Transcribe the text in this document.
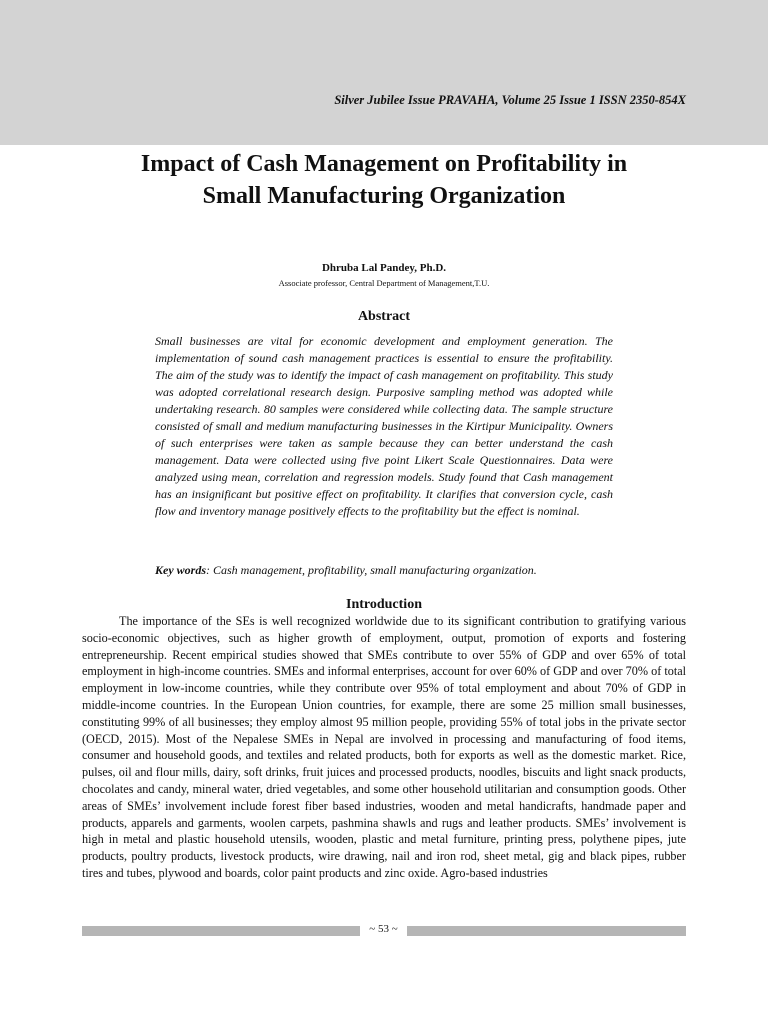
Silver Jubilee Issue PRAVAHA, Volume 25 Issue 1 ISSN 2350-854X
Impact of Cash Management on Profitability in Small Manufacturing Organization
Dhruba Lal Pandey, Ph.D.
Associate professor, Central Department of Management,T.U.
Abstract

Small businesses are vital for economic development and employment generation. The implementation of sound cash management practices is essential to ensure the profitability. The aim of the study was to identify the impact of cash management on profitability. This study was adopted correlational research design. Purposive sampling method was adopted while undertaking research. 80 samples were considered while collecting data. The sample structure consisted of small and medium manufacturing businesses in the Kirtipur Municipality. Owners of such enterprises were taken as sample because they can better understand the cash management. Data were collected using five point Likert Scale Questionnaires. Data were analyzed using mean, correlation and regression models. Study found that Cash management has an insignificant but positive effect on profitability. It clarifies that conversion cycle, cash flow and inventory manage positively effects to the profitability but the effect is nominal.

Key words: Cash management, profitability, small manufacturing organization.

Introduction

The importance of the SEs is well recognized worldwide due to its significant contribution to gratifying various socio-economic objectives, such as higher growth of employment, output, promotion of exports and fostering entrepreneurship. Recent empirical studies showed that SMEs contribute to over 55% of GDP and over 65% of total employment in high-income countries. SMEs and informal enterprises, account for over 60% of GDP and over 70% of total employment in low-income countries, while they contribute over 95% of total employment and about 70% of GDP in middle-income countries. In the European Union countries, for example, there are some 25 million small businesses, constituting 99% of all businesses; they employ almost 95 million people, providing 55% of total jobs in the private sector (OECD, 2015). Most of the Nepalese SMEs in Nepal are involved in processing and manufacturing of food items, consumer and household goods, and textiles and related products, both for exports as well as the domestic market. Rice, pulses, oil and flour mills, dairy, soft drinks, fruit juices and processed products, noodles, biscuits and light snack products, chocolates and candy, mineral water, dried vegetables, and some other household utilitarian and consumption goods. Other areas of SMEs’ involvement include forest fiber based industries, wooden and metal handicrafts, handmade paper and products, apparels and garments, woolen carpets, pashmina shawls and rugs and leather products. SMEs’ involvement is high in metal and plastic household utensils, wooden, plastic and metal furniture, printing press, polythene pipes, jute products, poultry products, livestock products, wire drawing, nail and iron rod, sheet metal, gig and black pipes, rubber tires and tubes, plywood and boards, color paint products and zinc oxide. Agro-based industries

~ 53 ~
